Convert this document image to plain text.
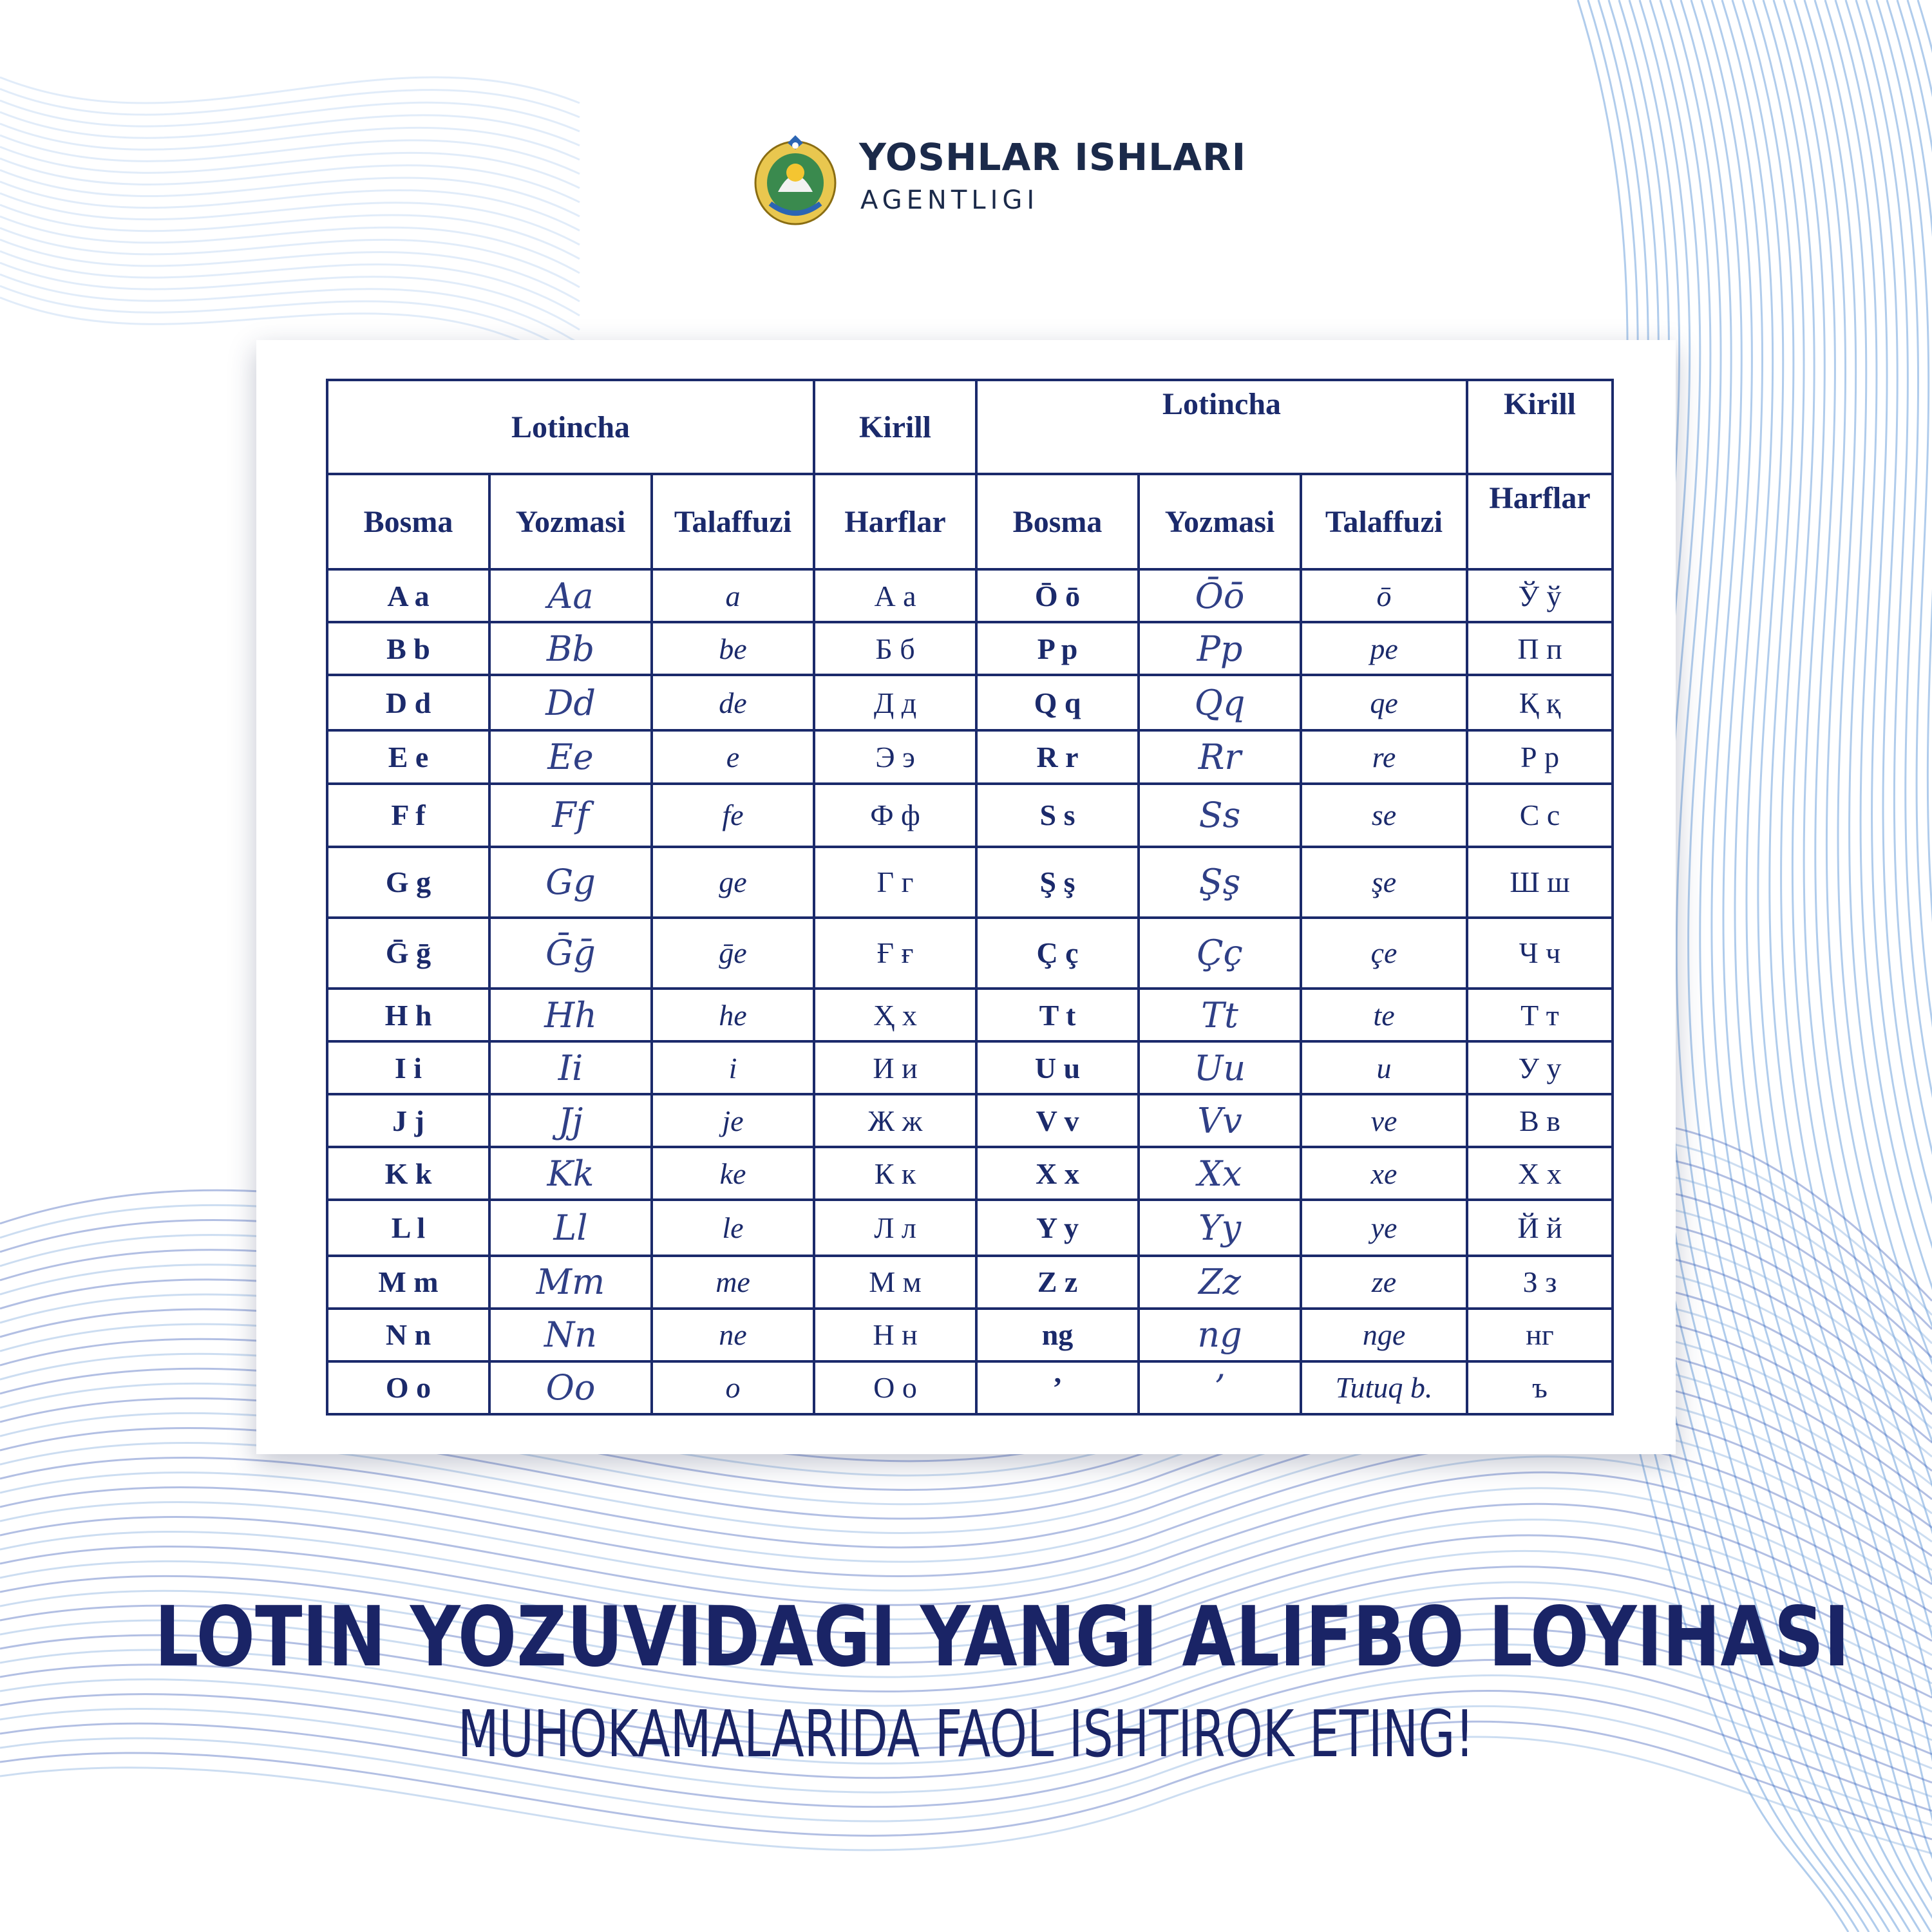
YOSHLAR ISHLARI
AGENTLIGI
Lotincha			Kirill	Lotincha			Kirill
Bosma	Yozmasi	Talaffuzi	Harflar	Bosma	Yozmasi	Talaffuzi	Harflar
A a	Aa	a	А а	Ō ō	Ōō	ō	Ў ў
B b	Bb	be	Б б	P p	Pp	pe	П п
D d	Dd	de	Д д	Q q	Qq	qe	Қ қ
E e	Ee	e	Э э	R r	Rr	re	Р р
F f	Ff	fe	Ф ф	S s	Ss	se	С с
G g	Gg	ge	Г г	Ş ş	Şş	şe	Ш ш
Ḡ ḡ	Ḡḡ	ḡe	Ғ ғ	Ç ç	Çç	çe	Ч ч
H h	Hh	he	Ҳ х	T t	Tt	te	Т т
I i	Ii	i	И и	U u	Uu	u	У у
J j	Jj	je	Ж ж	V v	Vv	ve	В в
K k	Kk	ke	К к	X x	Xx	xe	Х х
L l	Ll	le	Л л	Y y	Yy	ye	Й й
M m	Mm	me	М м	Z z	Zz	ze	З з
N n	Nn	ne	Н н	ng	ng	nge	нг
O o	Oo	o	О о	’	’	Tutuq b.	ъ
LOTIN YOZUVIDAGI YANGI ALIFBO LOYIHASI
MUHOKAMALARIDA FAOL ISHTIROK ETING!
